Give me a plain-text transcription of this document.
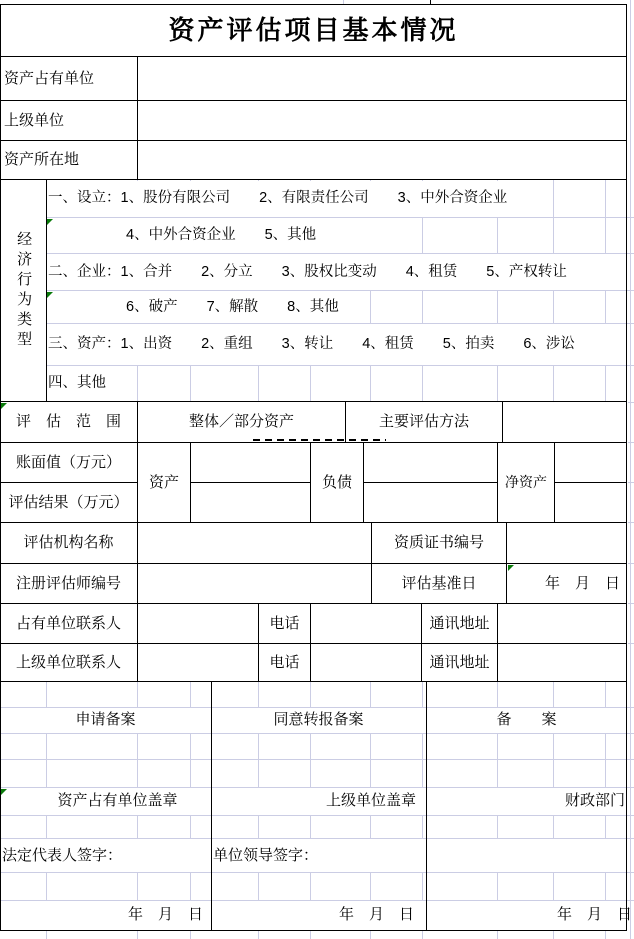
资产评估项目基本情况
资产占有单位
上级单位
资产所在地
经济行为类型
一、设立：1、股份有限公司　　2、有限责任公司　　3、中外合资企业
4、中外合资企业　　5、其他
二、企业：1、合并　　2、分立　　3、股权比变动　　4、租赁　　5、产权转让
6、破产　　7、解散　　8、其他
三、资产：1、出资　　2、重组　　3、转让　　4、租赁　　5、拍卖　　6、涉讼
四、其他
评　估　范　围	整体／部分资产	主要评估方法
账面值（万元）
评估结果（万元）
资产	负债	净资产
评估机构名称	资质证书编号
注册评估师编号	评估基准日	年　月　日
占有单位联系人	电话	通讯地址
上级单位联系人	电话	通讯地址
申请备案	同意转报备案	备　　案
资产占有单位盖章	上级单位盖章	财政部门
法定代表人签字：	单位领导签字：
年　月　日	年　月　日	年　月　日
